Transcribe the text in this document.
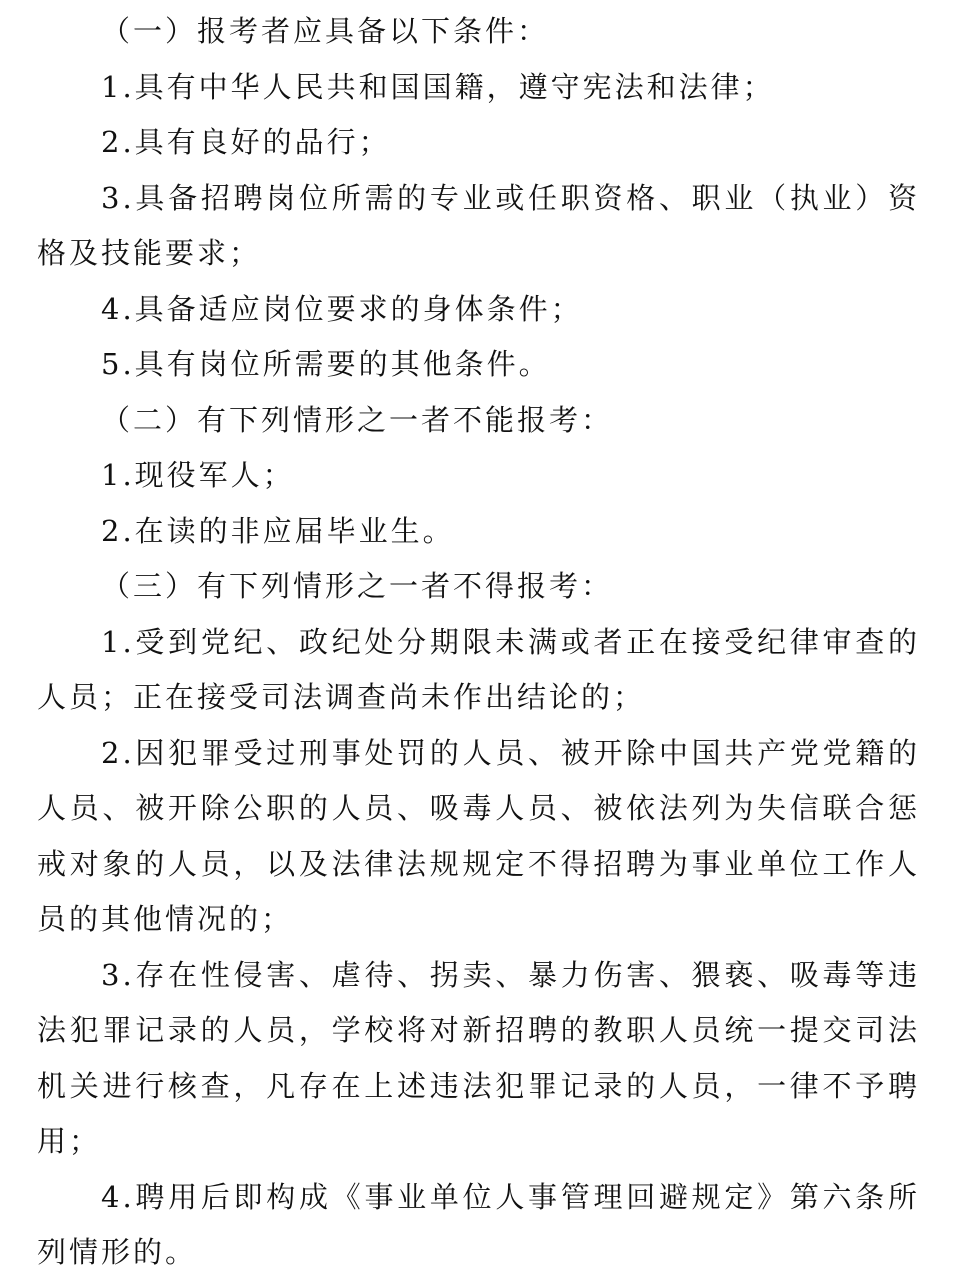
（一）报考者应具备以下条件：

1.具有中华人民共和国国籍，遵守宪法和法律；

2.具有良好的品行；

3.具备招聘岗位所需的专业或任职资格、职业（执业）资格及技能要求；

4.具备适应岗位要求的身体条件；

5.具有岗位所需要的其他条件。

（二）有下列情形之一者不能报考：

1.现役军人；

2.在读的非应届毕业生。

（三）有下列情形之一者不得报考：

1.受到党纪、政纪处分期限未满或者正在接受纪律审查的人员；正在接受司法调查尚未作出结论的；

2.因犯罪受过刑事处罚的人员、被开除中国共产党党籍的人员、被开除公职的人员、吸毒人员、被依法列为失信联合惩戒对象的人员，以及法律法规规定不得招聘为事业单位工作人员的其他情况的；

3.存在性侵害、虐待、拐卖、暴力伤害、猥亵、吸毒等违法犯罪记录的人员，学校将对新招聘的教职人员统一提交司法机关进行核查，凡存在上述违法犯罪记录的人员，一律不予聘用；

4.聘用后即构成《事业单位人事管理回避规定》第六条所列情形的。
